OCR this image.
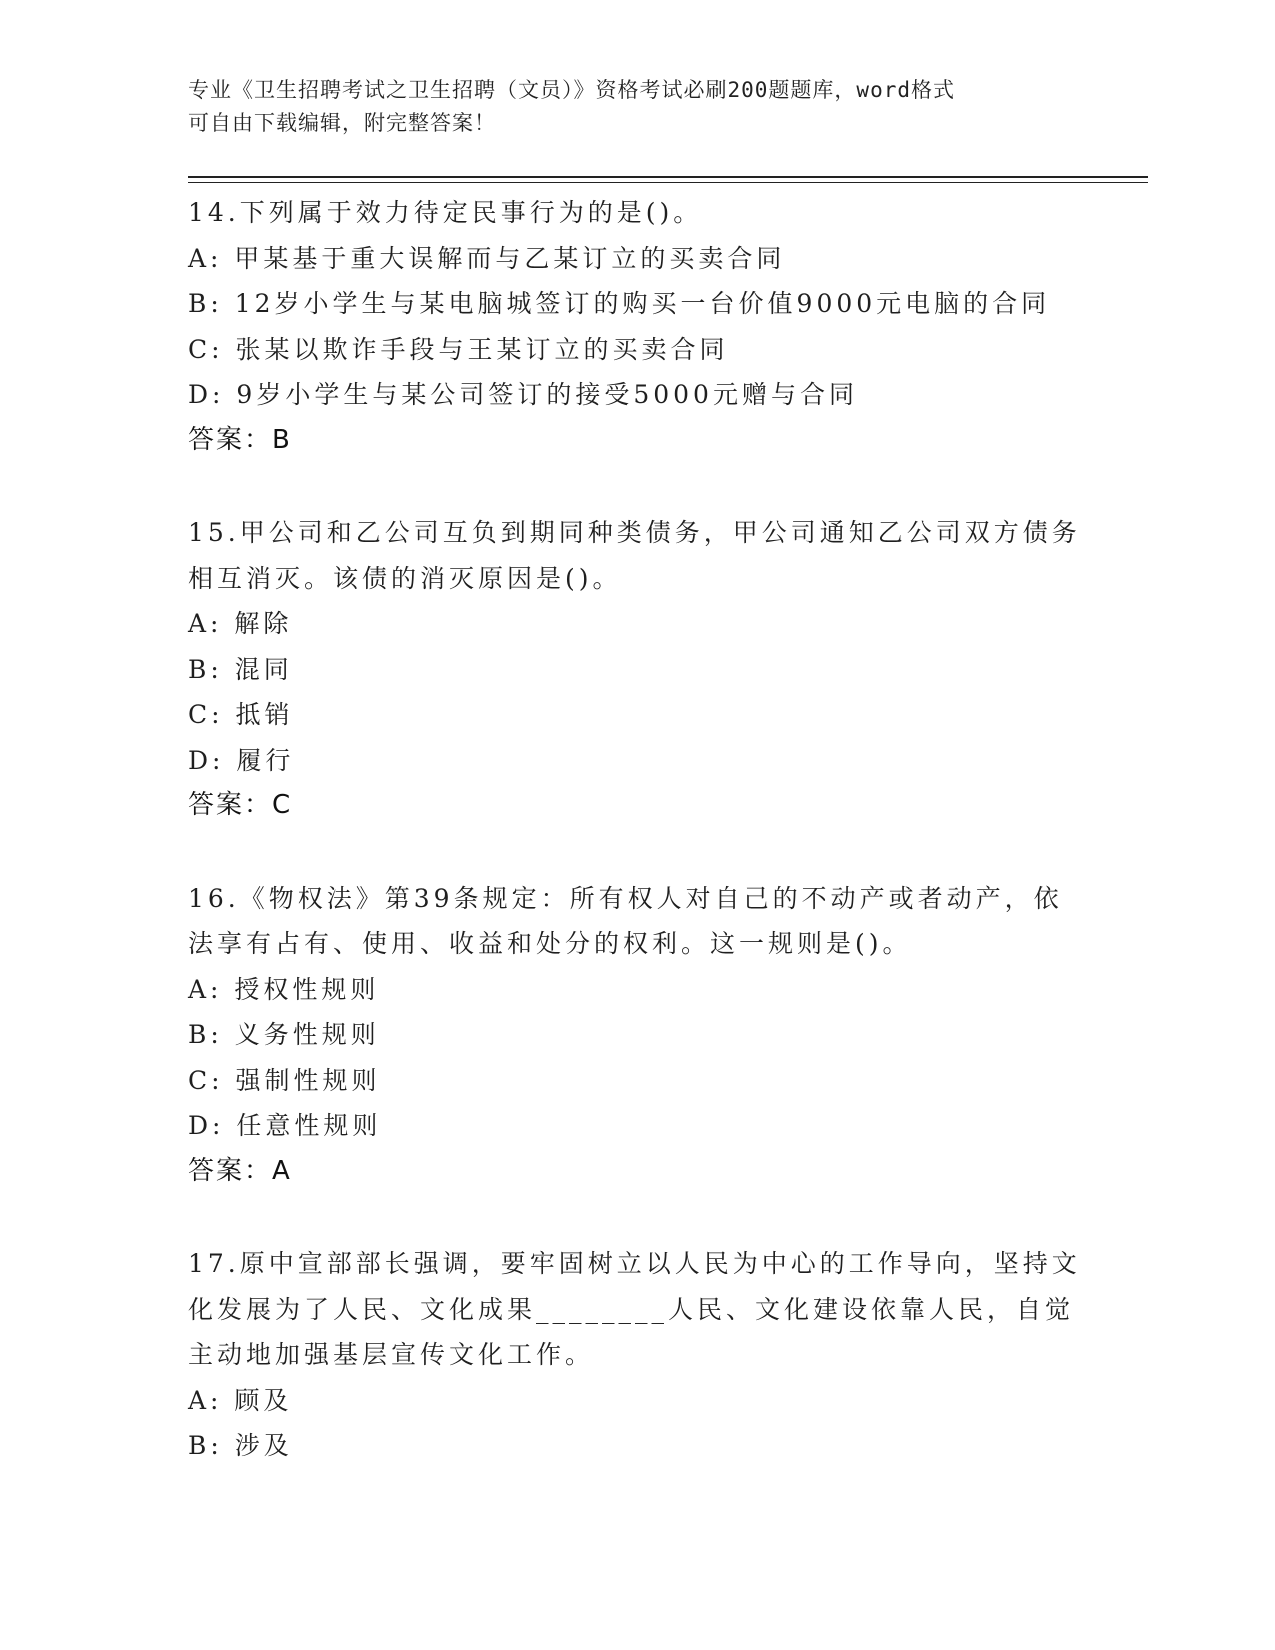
专业《卫生招聘考试之卫生招聘（文员）》资格考试必刷200题题库，word格式
可自由下载编辑，附完整答案！
14.下列属于效力待定民事行为的是()。
A: 甲某基于重大误解而与乙某订立的买卖合同
B: 12岁小学生与某电脑城签订的购买一台价值9000元电脑的合同
C: 张某以欺诈手段与王某订立的买卖合同
D: 9岁小学生与某公司签订的接受5000元赠与合同
答案：B
15.甲公司和乙公司互负到期同种类债务，甲公司通知乙公司双方债务
相互消灭。该债的消灭原因是()。
A: 解除
B: 混同
C: 抵销
D: 履行
答案：C
16.《物权法》第39条规定：所有权人对自己的不动产或者动产，依
法享有占有、使用、收益和处分的权利。这一规则是()。
A: 授权性规则
B: 义务性规则
C: 强制性规则
D: 任意性规则
答案：A
17.原中宣部部长强调，要牢固树立以人民为中心的工作导向，坚持文
化发展为了人民、文化成果________人民、文化建设依靠人民，自觉
主动地加强基层宣传文化工作。
A: 顾及
B: 涉及
